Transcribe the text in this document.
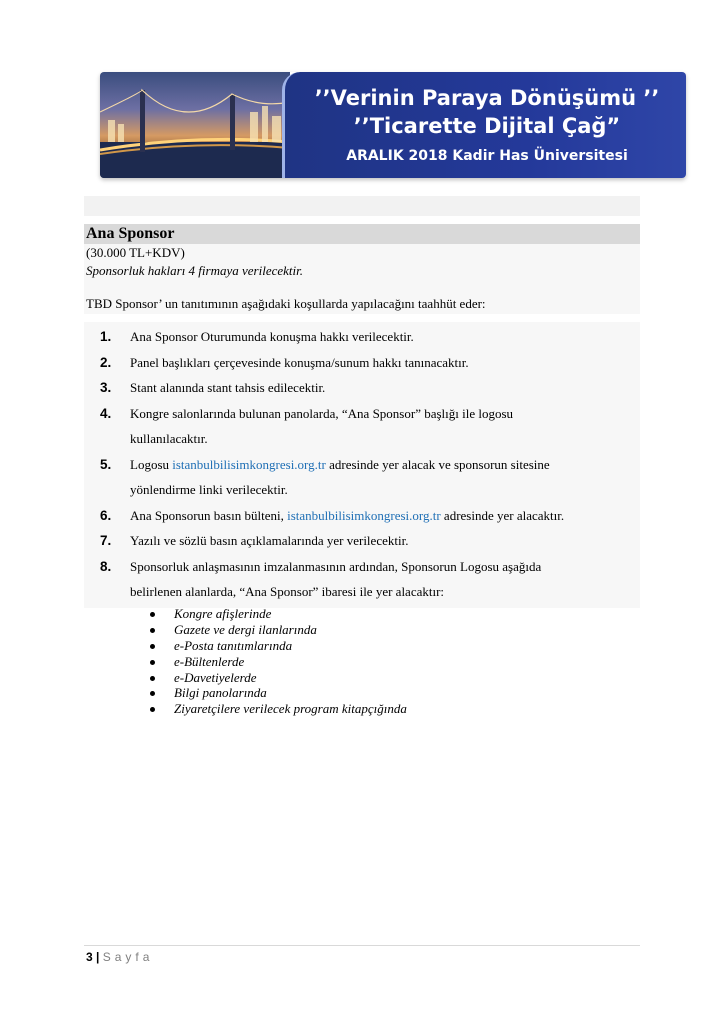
’’Verinin Paraya Dönüşümü ’’
’’Ticarette Dijital Çağ”
ARALIK 2018 Kadir Has Üniversitesi
Ana Sponsor
(30.000 TL+KDV)
Sponsorluk hakları 4 firmaya verilecektir.
TBD Sponsor’ un tanıtımının aşağıdaki koşullarda yapılacağını taahhüt eder:
1. Ana Sponsor Oturumunda konuşma hakkı verilecektir.
2. Panel başlıkları çerçevesinde konuşma/sunum hakkı tanınacaktır.
3. Stant alanında stant tahsis edilecektir.
4. Kongre salonlarında bulunan panolarda, “Ana Sponsor” başlığı ile logosu
kullanılacaktır.
5. Logosu istanbulbilisimkongresi.org.tr adresinde yer alacak ve sponsorun sitesine
yönlendirme linki verilecektir.
6. Ana Sponsorun basın bülteni, istanbulbilisimkongresi.org.tr adresinde yer alacaktır.
7. Yazılı ve sözlü basın açıklamalarında yer verilecektir.
8. Sponsorluk anlaşmasının imzalanmasının ardından, Sponsorun Logosu aşağıda
belirlenen alanlarda, “Ana Sponsor” ibaresi ile yer alacaktır:
Kongre afişlerinde
Gazete ve dergi ilanlarında
e-Posta tanıtımlarında
e-Bültenlerde
e-Davetiyelerde
Bilgi panolarında
Ziyaretçilere verilecek program kitapçığında
3 | Sayfa
